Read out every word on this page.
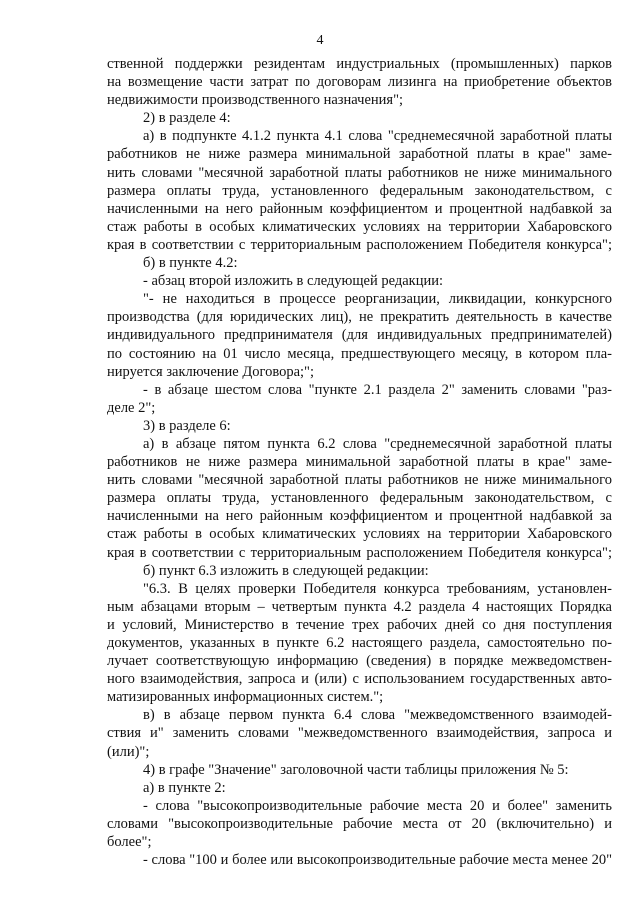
4
ственной поддержки резидентам индустриальных (промышленных) парков
на возмещение части затрат по договорам лизинга на приобретение объектов
недвижимости производственного назначения";
2) в разделе 4:
а) в подпункте 4.1.2 пункта 4.1 слова "среднемесячной заработной платы
работников не ниже размера минимальной заработной платы в крае" заме-
нить словами "месячной заработной платы работников не ниже минимального
размера оплаты труда, установленного федеральным законодательством, с
начисленными на него районным коэффициентом и процентной надбавкой за
стаж работы в особых климатических условиях на территории Хабаровского
края в соответствии с территориальным расположением Победителя конкурса";
б) в пункте 4.2:
- абзац второй изложить в следующей редакции:
"- не находиться в процессе реорганизации, ликвидации, конкурсного
производства (для юридических лиц), не прекратить деятельность в качестве
индивидуального предпринимателя (для индивидуальных предпринимателей)
по состоянию на 01 число месяца, предшествующего месяцу, в котором пла-
нируется заключение Договора;";
- в абзаце шестом слова "пункте 2.1 раздела 2" заменить словами "раз-
деле 2";
3) в разделе 6:
а) в абзаце пятом пункта 6.2 слова "среднемесячной заработной платы
работников не ниже размера минимальной заработной платы в крае" заме-
нить словами "месячной заработной платы работников не ниже минимального
размера оплаты труда, установленного федеральным законодательством, с
начисленными на него районным коэффициентом и процентной надбавкой за
стаж работы в особых климатических условиях на территории Хабаровского
края в соответствии с территориальным расположением Победителя конкурса";
б) пункт 6.3 изложить в следующей редакции:
"6.3. В целях проверки Победителя конкурса требованиям, установлен-
ным абзацами вторым – четвертым пункта 4.2 раздела 4 настоящих Порядка
и условий, Министерство в течение трех рабочих дней со дня поступления
документов, указанных в пункте 6.2 настоящего раздела, самостоятельно по-
лучает соответствующую информацию (сведения) в порядке межведомствен-
ного взаимодействия, запроса и (или) с использованием государственных авто-
матизированных информационных систем.";
в) в абзаце первом пункта 6.4 слова "межведомственного взаимодей-
ствия и" заменить словами "межведомственного взаимодействия, запроса и
(или)";
4) в графе "Значение" заголовочной части таблицы приложения № 5:
а) в пункте 2:
- слова "высокопроизводительные рабочие места 20 и более" заменить
словами "высокопроизводительные рабочие места от 20 (включительно) и
более";
- слова "100 и более или высокопроизводительные рабочие места менее 20"
